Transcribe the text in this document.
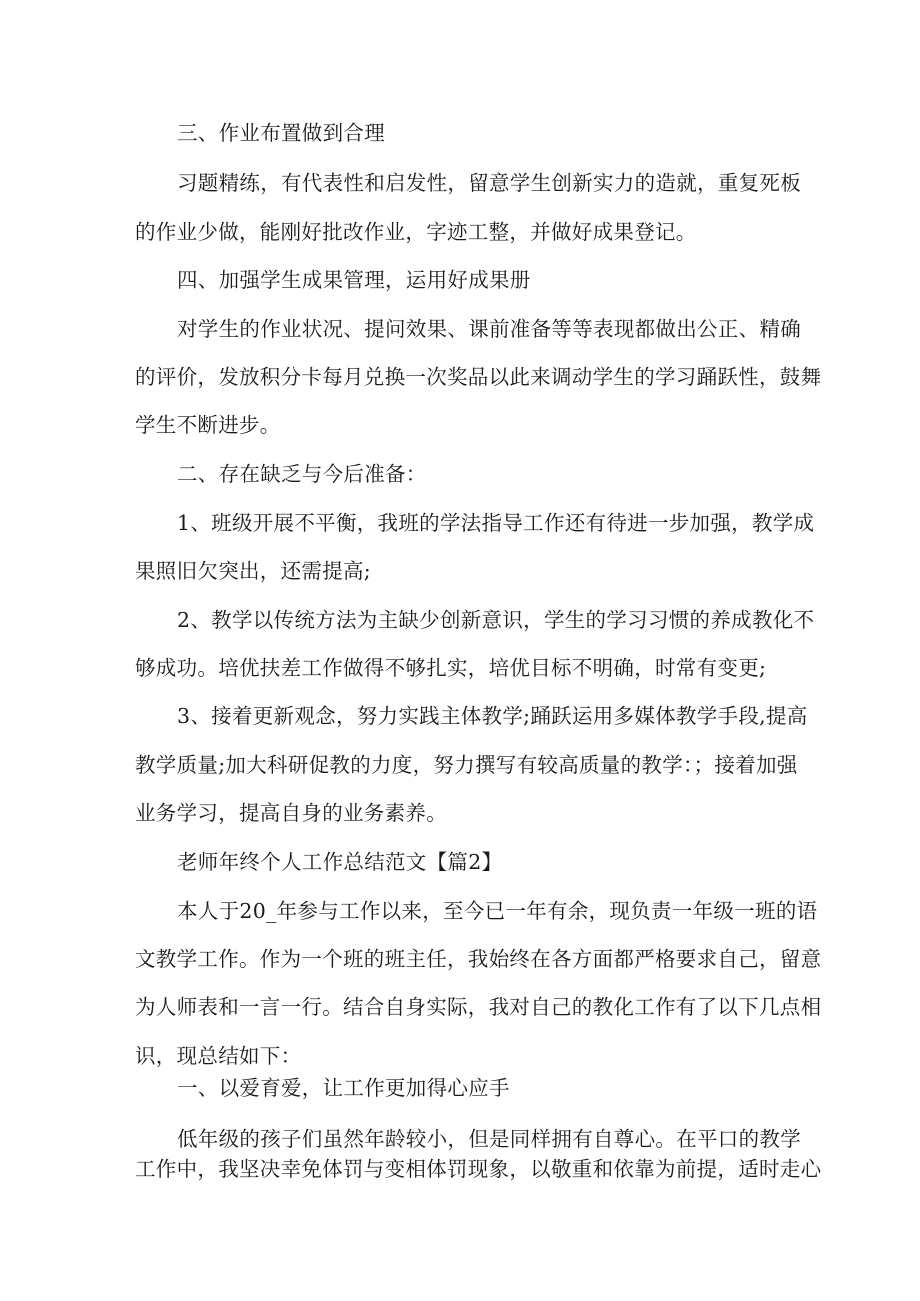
三、作业布置做到合理
习题精练，有代表性和启发性，留意学生创新实力的造就，重复死板
的作业少做，能刚好批改作业，字迹工整，并做好成果登记。
四、加强学生成果管理，运用好成果册
对学生的作业状况、提问效果、课前准备等等表现都做出公正、精确
的评价，发放积分卡每月兑换一次奖品以此来调动学生的学习踊跃性，鼓舞
学生不断进步。
二、存在缺乏与今后准备：
1、班级开展不平衡，我班的学法指导工作还有待进一步加强，教学成
果照旧欠突出，还需提高;
2、教学以传统方法为主缺少创新意识，学生的学习习惯的养成教化不
够成功。培优扶差工作做得不够扎实，培优目标不明确，时常有变更;
3、接着更新观念，努力实践主体教学;踊跃运用多媒体教学手段,提高
教学质量;加大科研促教的力度，努力撰写有较高质量的教学：；接着加强
业务学习，提高自身的业务素养。
老师年终个人工作总结范文【篇2】
本人于20_年参与工作以来，至今已一年有余，现负责一年级一班的语
文教学工作。作为一个班的班主任，我始终在各方面都严格要求自己，留意
为人师表和一言一行。结合自身实际，我对自己的教化工作有了以下几点相
识，现总结如下：
一、以爱育爱，让工作更加得心应手
低年级的孩子们虽然年龄较小，但是同样拥有自尊心。在平口的教学
工作中，我坚决幸免体罚与变相体罚现象，以敬重和依靠为前提，适时走心
